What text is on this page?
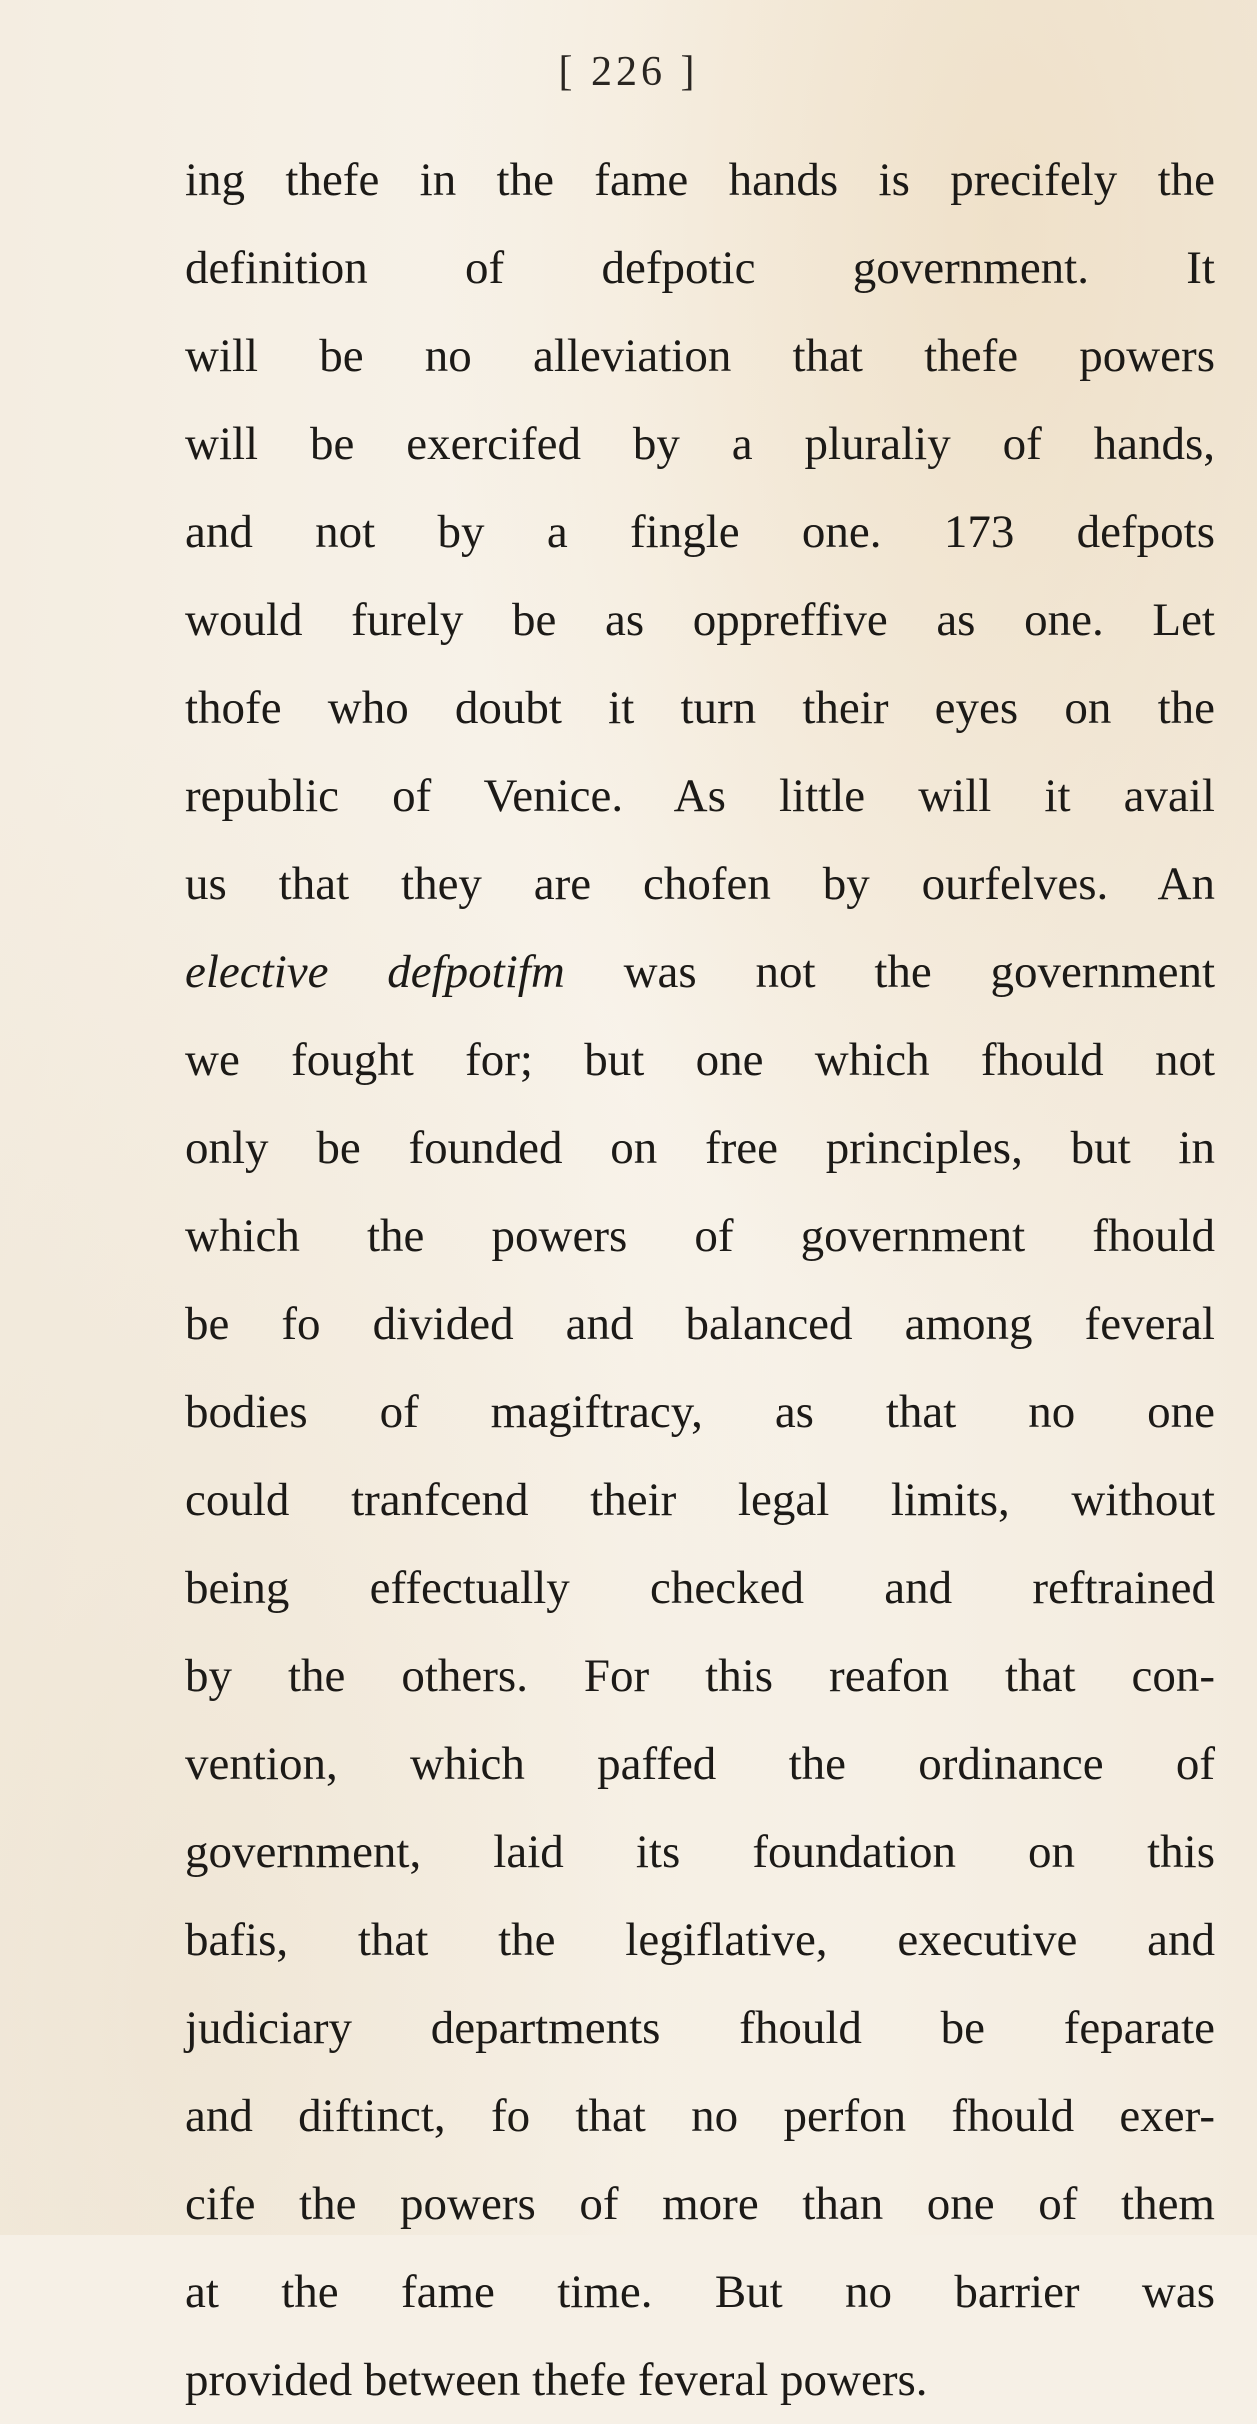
[ 226 ]
ing thefe in the fame hands is precifely the
definition of defpotic government. It
will be no alleviation that thefe powers
will be exercifed by a pluraliy of hands,
and not by a fingle one. 173 defpots
would furely be as oppreffive as one. Let
thofe who doubt it turn their eyes on the
republic of Venice. As little will it avail
us that they are chofen by ourfelves. An
elective defpotifm was not the government
we fought for; but one which fhould not
only be founded on free principles, but in
which the powers of government fhould
be fo divided and balanced among feveral
bodies of magiftracy, as that no one
could tranfcend their legal limits, without
being effectually checked and reftrained
by the others. For this reafon that con-
vention, which paffed the ordinance of
government, laid its foundation on this
bafis, that the legiflative, executive and
judiciary departments fhould be feparate
and diftinct, fo that no perfon fhould exer-
cife the powers of more than one of them
at the fame time. But no barrier was
provided between thefe feveral powers.
